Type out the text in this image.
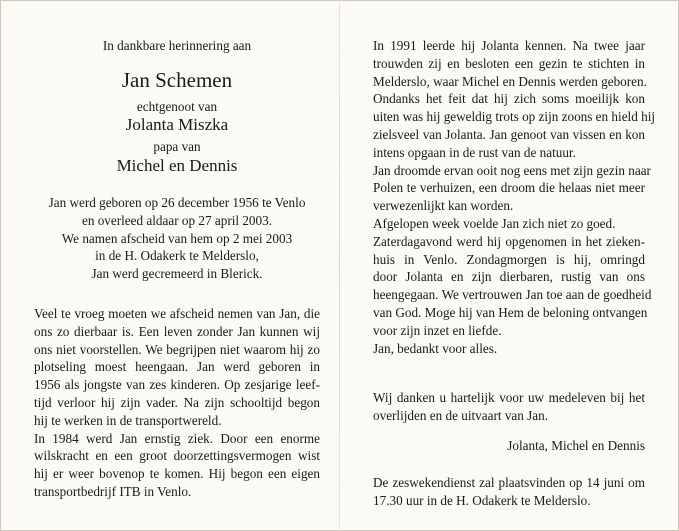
In dankbare herinnering aan
Jan Schemen
echtgenoot van
Jolanta Miszka
papa van
Michel en Dennis
Jan werd geboren op 26 december 1956 te Venlo
en overleed aldaar op 27 april 2003.
We namen afscheid van hem op 2 mei 2003
in de H. Odakerk te Melderslo,
Jan werd gecremeerd in Blerick.
Veel te vroeg moeten we afscheid nemen van Jan, die
ons zo dierbaar is. Een leven zonder Jan kunnen wij
ons niet voorstellen. We begrijpen niet waarom hij zo
plotseling moest heengaan. Jan werd geboren in
1956 als jongste van zes kinderen. Op zesjarige leef-
tijd verloor hij zijn vader. Na zijn schooltijd begon
hij te werken in de transportwereld.
In 1984 werd Jan ernstig ziek. Door een enorme
wilskracht en een groot doorzettingsvermogen wist
hij er weer bovenop te komen. Hij begon een eigen
transportbedrijf ITB in Venlo.
In 1991 leerde hij Jolanta kennen. Na twee jaar
trouwden zij en besloten een gezin te stichten in
Melderslo, waar Michel en Dennis werden geboren.
Ondanks het feit dat hij zich soms moeilijk kon
uiten was hij geweldig trots op zijn zoons en hield hij
zielsveel van Jolanta. Jan genoot van vissen en kon
intens opgaan in de rust van de natuur.
Jan droomde ervan ooit nog eens met zijn gezin naar
Polen te verhuizen, een droom die helaas niet meer
verwezenlijkt kan worden.
Afgelopen week voelde Jan zich niet zo goed.
Zaterdagavond werd hij opgenomen in het zieken-
huis in Venlo. Zondagmorgen is hij, omringd
door Jolanta en zijn dierbaren, rustig van ons
heengegaan. We vertrouwen Jan toe aan de goedheid
van God. Moge hij van Hem de beloning ontvangen
voor zijn inzet en liefde.
Jan, bedankt voor alles.
Wij danken u hartelijk voor uw medeleven bij het
overlijden en de uitvaart van Jan.
Jolanta, Michel en Dennis
De zeswekendienst zal plaatsvinden op 14 juni om
17.30 uur in de H. Odakerk te Melderslo.
